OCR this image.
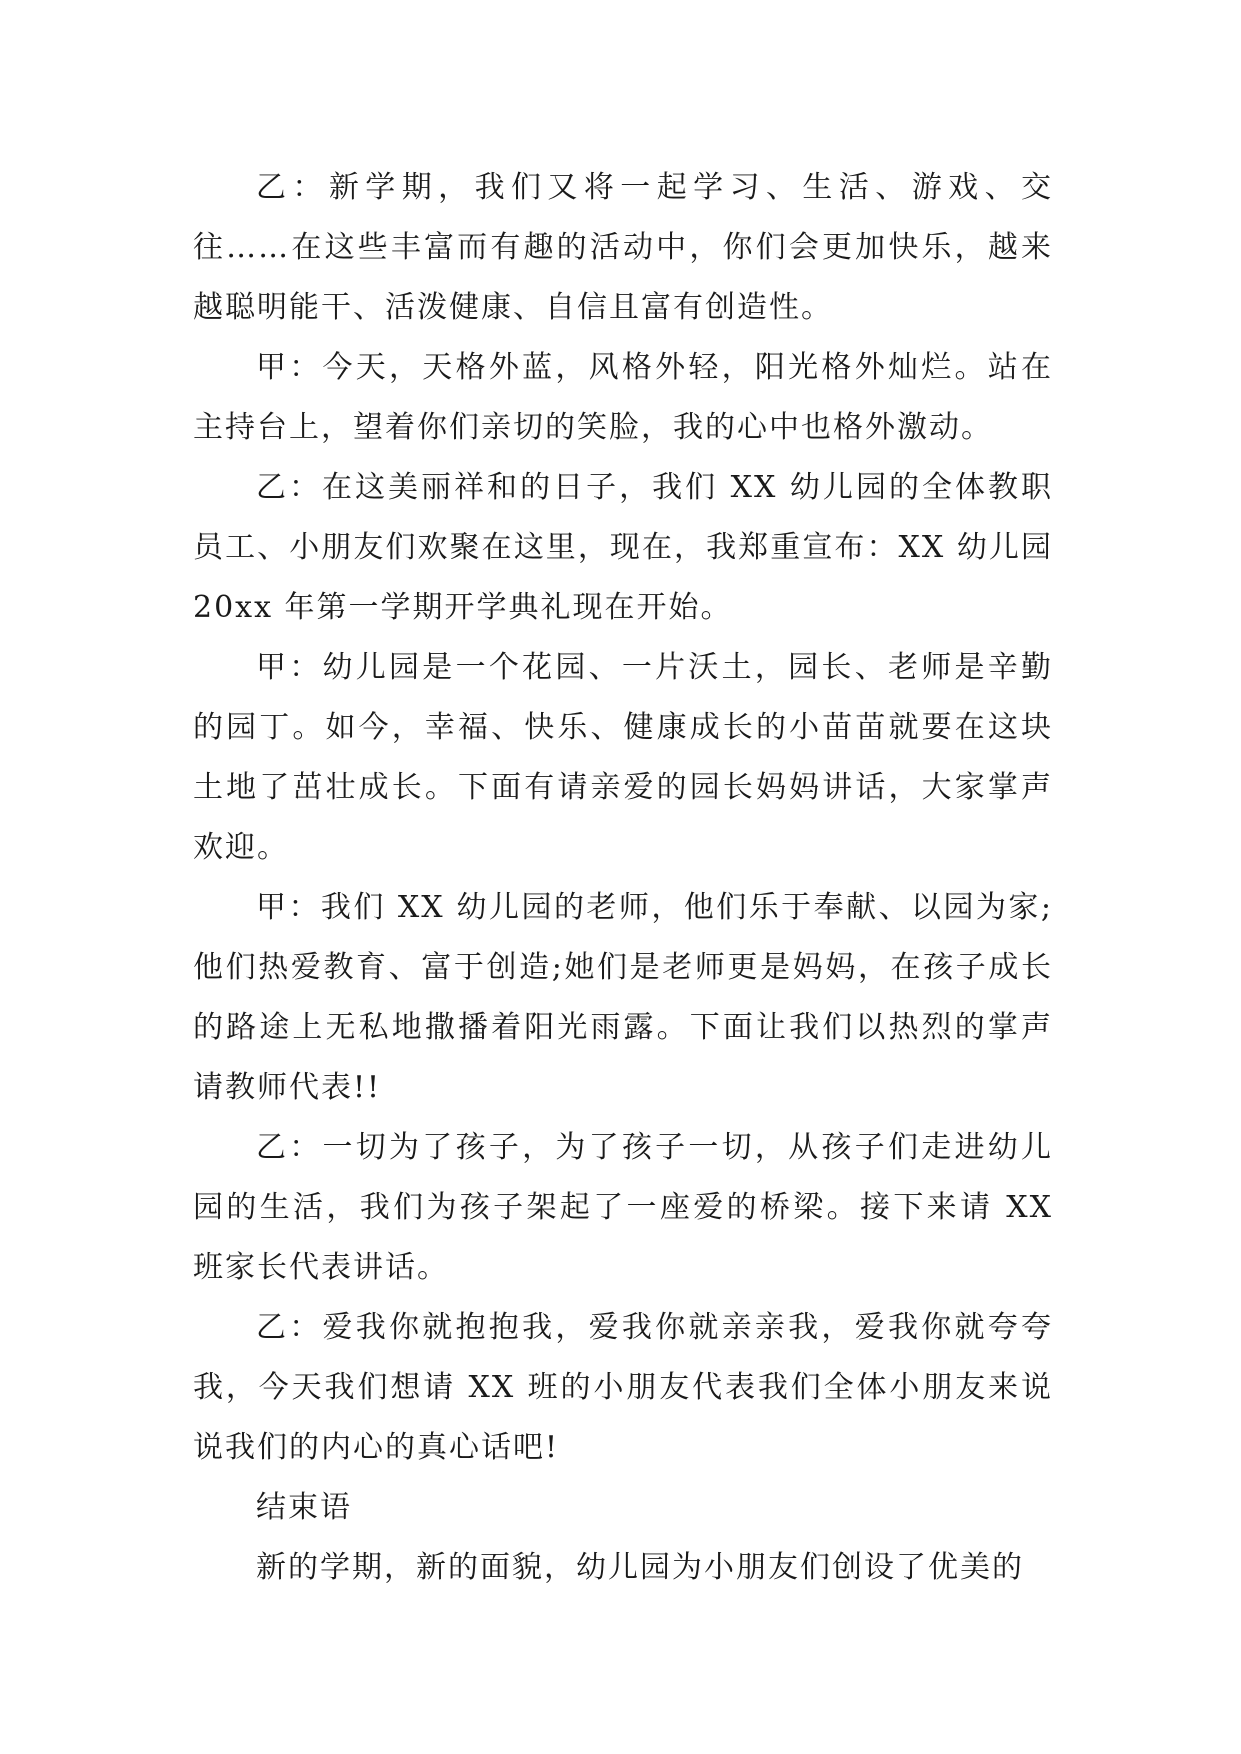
乙：新学期，我们又将一起学习、生活、游戏、交往……在这些丰富而有趣的活动中，你们会更加快乐，越来越聪明能干、活泼健康、自信且富有创造性。

甲：今天，天格外蓝，风格外轻，阳光格外灿烂。站在主持台上，望着你们亲切的笑脸，我的心中也格外激动。

乙：在这美丽祥和的日子，我们 XX 幼儿园的全体教职员工、小朋友们欢聚在这里，现在，我郑重宣布：XX 幼儿园 20xx 年第一学期开学典礼现在开始。

甲：幼儿园是一个花园、一片沃土，园长、老师是辛勤的园丁。如今，幸福、快乐、健康成长的小苗苗就要在这块土地了茁壮成长。下面有请亲爱的园长妈妈讲话，大家掌声欢迎。

甲：我们 XX 幼儿园的老师，他们乐于奉献、以园为家;他们热爱教育、富于创造;她们是老师更是妈妈，在孩子成长的路途上无私地撒播着阳光雨露。下面让我们以热烈的掌声请教师代表!!

乙：一切为了孩子，为了孩子一切，从孩子们走进幼儿园的生活，我们为孩子架起了一座爱的桥梁。接下来请 XX 班家长代表讲话。

乙：爱我你就抱抱我，爱我你就亲亲我，爱我你就夸夸我，今天我们想请 XX 班的小朋友代表我们全体小朋友来说说我们的内心的真心话吧!

结束语

新的学期，新的面貌，幼儿园为小朋友们创设了优美的
